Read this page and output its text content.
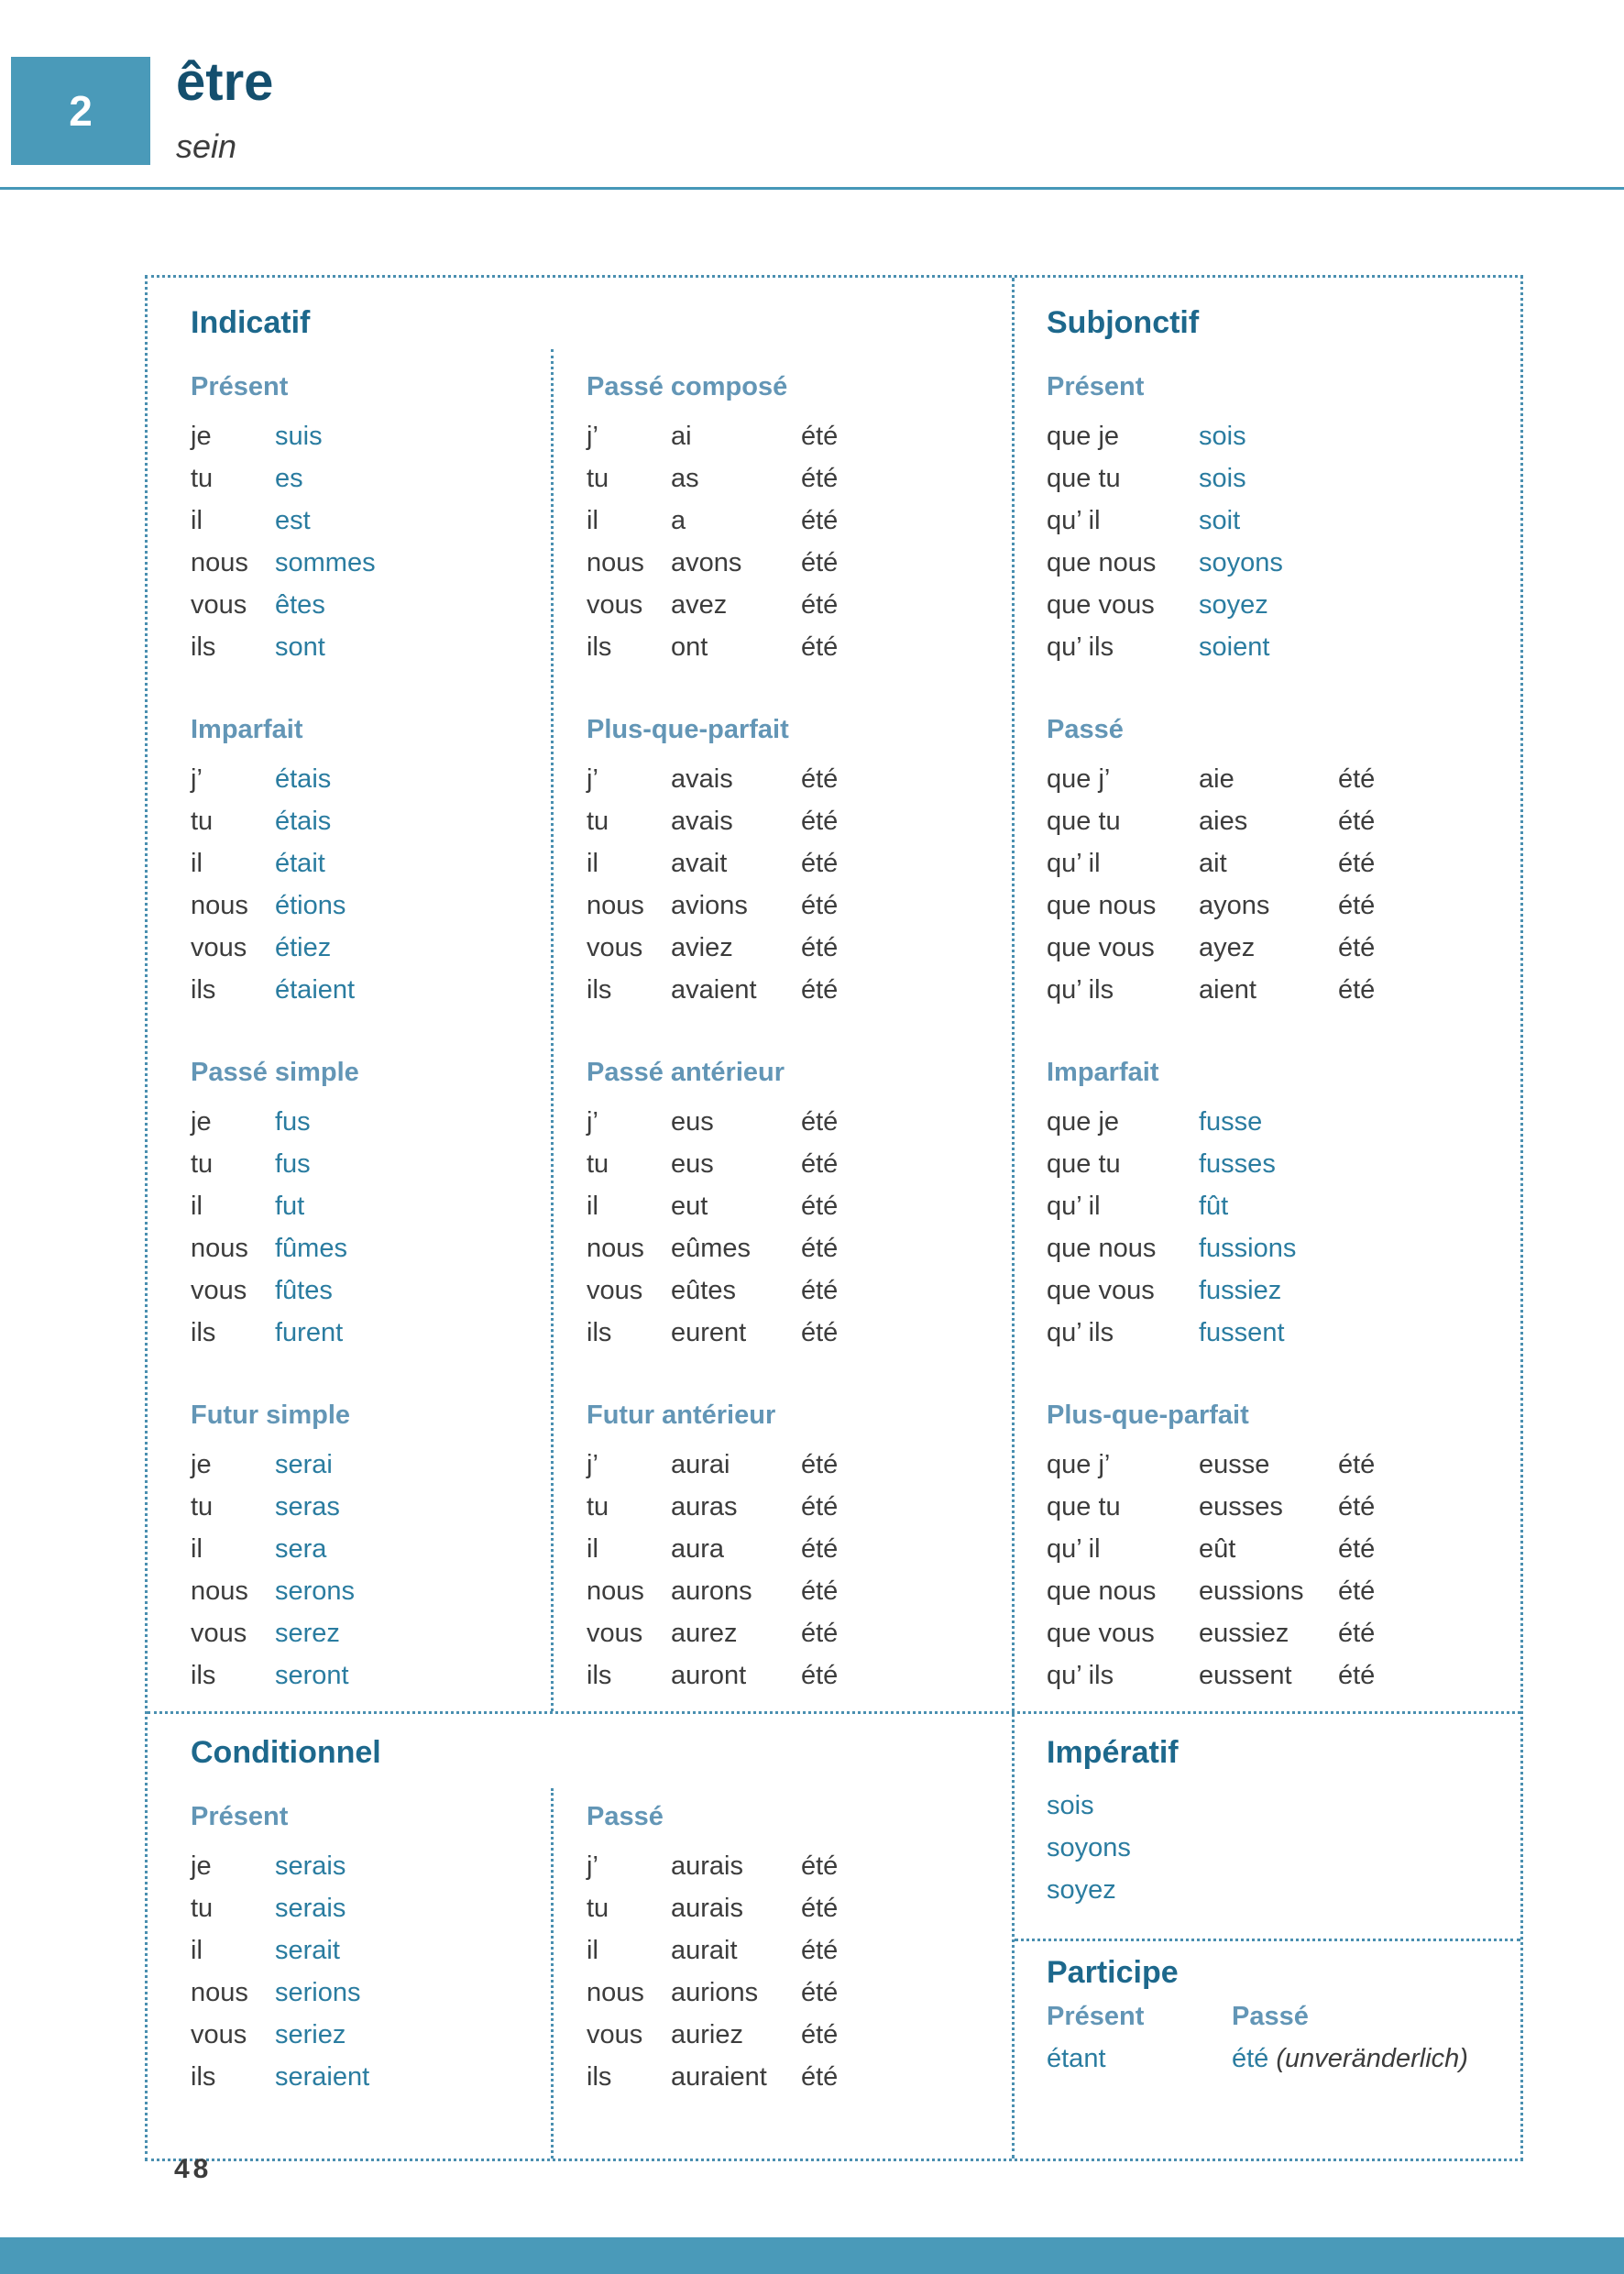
2 être
sein
Indicatif
Présent
je	suis
tu	es
il	est
nous	sommes
vous	êtes
ils	sont
Imparfait
j’	étais
tu	étais
il	était
nous	étions
vous	étiez
ils	étaient
Passé simple
je	fus
tu	fus
il	fut
nous	fûmes
vous	fûtes
ils	furent
Futur simple
je	serai
tu	seras
il	sera
nous	serons
vous	serez
ils	seront
Passé composé
j’	ai	été
tu	as	été
il	a	été
nous	avons	été
vous	avez	été
ils	ont	été
Plus-que-parfait
j’	avais	été
tu	avais	été
il	avait	été
nous	avions	été
vous	aviez	été
ils	avaient	été
Passé antérieur
j’	eus	été
tu	eus	été
il	eut	été
nous	eûmes	été
vous	eûtes	été
ils	eurent	été
Futur antérieur
j’	aurai	été
tu	auras	été
il	aura	été
nous	aurons	été
vous	aurez	été
ils	auront	été
Subjonctif
Présent
que je	sois
que tu	sois
qu’ il	soit
que nous	soyons
que vous	soyez
qu’ ils	soient
Passé
que j’	aie	été
que tu	aies	été
qu’ il	ait	été
que nous	ayons	été
que vous	ayez	été
qu’ ils	aient	été
Imparfait
que je	fusse
que tu	fusses
qu’ il	fût
que nous	fussions
que vous	fussiez
qu’ ils	fussent
Plus-que-parfait
que j’	eusse	été
que tu	eusses	été
qu’ il	eût	été
que nous	eussions	été
que vous	eussiez	été
qu’ ils	eussent	été
Conditionnel
Présent
je	serais
tu	serais
il	serait
nous	serions
vous	seriez
ils	seraient
Passé
j’	aurais	été
tu	aurais	été
il	aurait	été
nous	aurions	été
vous	auriez	été
ils	auraient	été
Impératif
sois
soyons
soyez
Participe
Présent	Passé
étant	été (unveränderlich)
48
